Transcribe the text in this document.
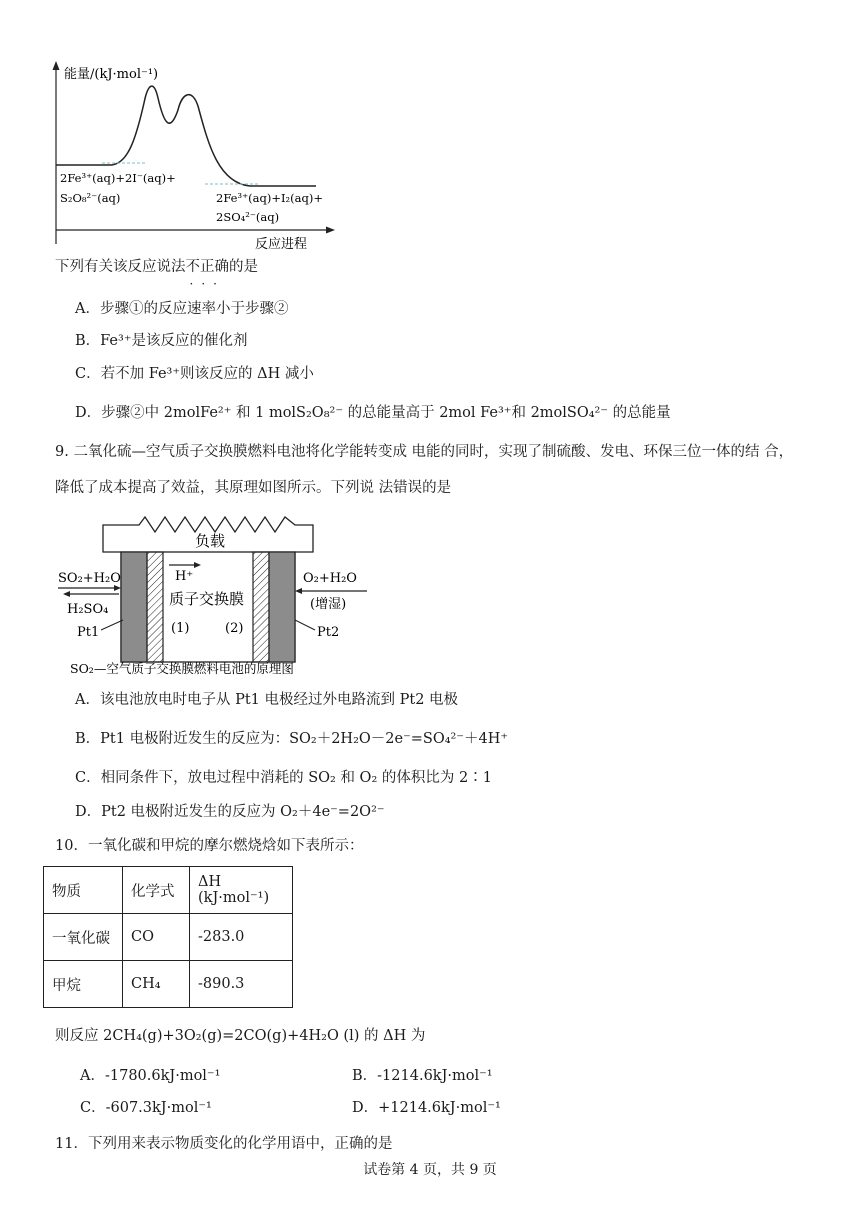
能量/(kJ·mol⁻¹)
反应进程
2Fe³⁺(aq)+2I⁻(aq)+
S₂O₈²⁻(aq)	2Fe³⁺(aq)+I₂(aq)+
2SO₄²⁻(aq)
下列有关该反应说法不正确
···
的是
A．步骤①的反应速率小于步骤②
B．Fe³⁺是该反应的催化剂
C．若不加 Fe³⁺则该反应的 ΔH 减小
D．步骤②中 2molFe²⁺ 和 1 molS₂O₈²⁻ 的总能量高于 2mol Fe³⁺和 2molSO₄²⁻ 的总能量
9. 二氧化硫—空气质子交换膜燃料电池将化学能转变成 电能的同时，实现了制硫酸、发电、环保三位一体的结 合，
降低了成本提高了效益，其原理如图所示。下列说 法错误的是
负载
H⁺
质子交换膜
(1)	(2)
SO₂+H₂O
H₂SO₄
Pt1
O₂+H₂O
(增湿)
Pt2
SO₂—空气质子交换膜燃料电池的原理图
A．该电池放电时电子从 Pt1 电极经过外电路流到 Pt2 电极
B．Pt1 电极附近发生的反应为：SO₂＋2H₂O－2e⁻=SO₄²⁻＋4H⁺
C．相同条件下，放电过程中消耗的 SO₂ 和 O₂ 的体积比为 2∶1
D．Pt2 电极附近发生的反应为 O₂＋4e⁻=2O²⁻
10．一氧化碳和甲烷的摩尔燃烧焓如下表所示：
物质	化学式	ΔH (kJ·mol⁻¹)
一氧化碳	CO	-283.0
甲烷	CH₄	-890.3
则反应 2CH₄(g)+3O₂(g)=2CO(g)+4H₂O (l) 的 ΔH 为
A．-1780.6kJ·mol⁻¹	B．-1214.6kJ·mol⁻¹
C．-607.3kJ·mol⁻¹	D．+1214.6kJ·mol⁻¹
11．下列用来表示物质变化的化学用语中，正确的是
试卷第 4 页，共 9 页
